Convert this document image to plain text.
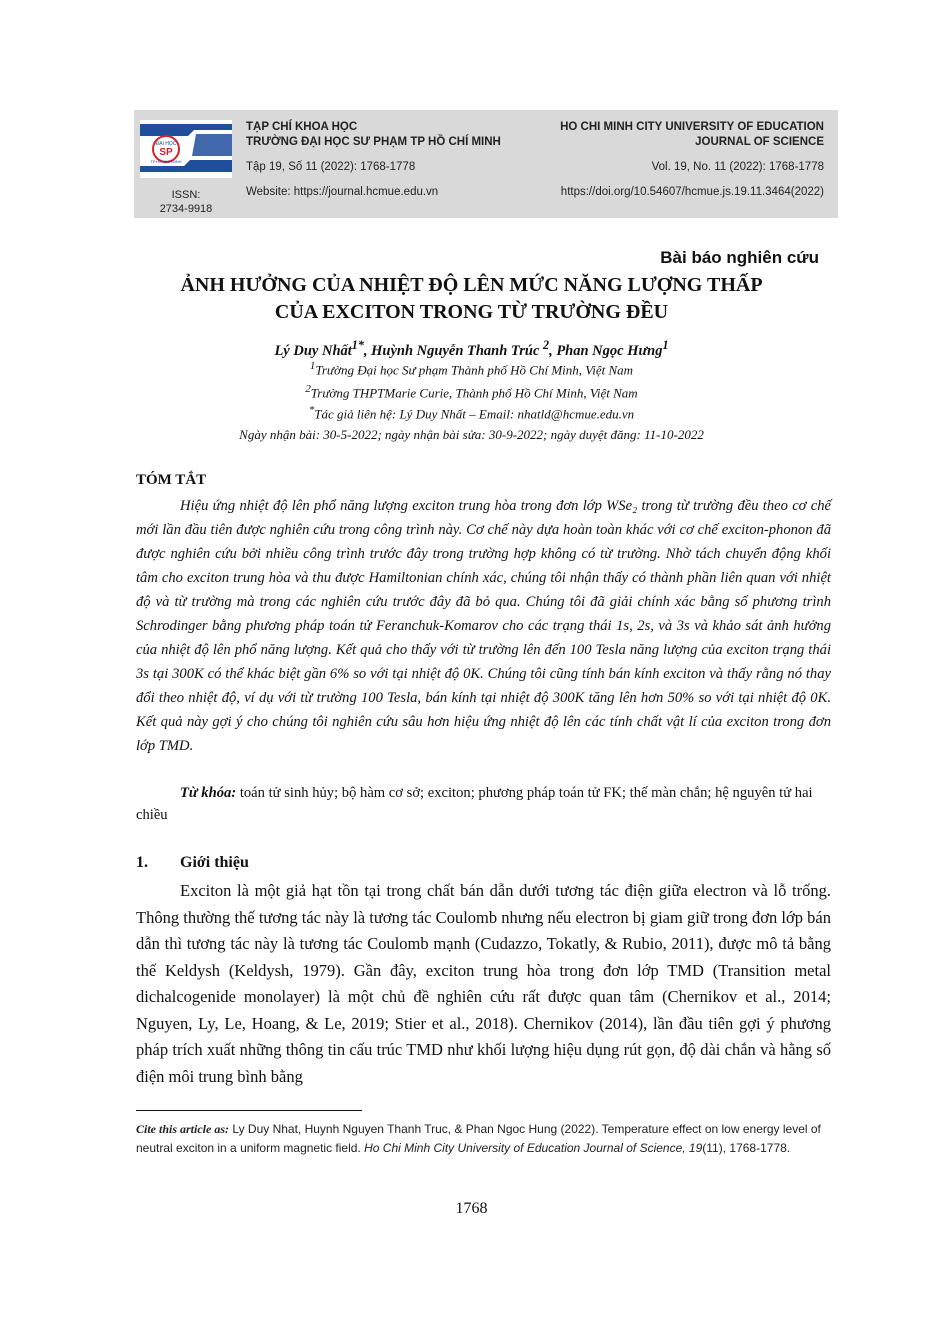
ĐẠI HỌC
SP
TP.HỒ CHÍ MINH
ISSN:
2734-9918
TẠP CHÍ KHOA HỌC
TRƯỜNG ĐẠI HỌC SƯ PHẠM TP HỒ CHÍ MINH
Tập 19, Số 11 (2022): 1768-1778
Website: https://journal.hcmue.edu.vn
HO CHI MINH CITY UNIVERSITY OF EDUCATION
JOURNAL OF SCIENCE
Vol. 19, No. 11 (2022): 1768-1778
https://doi.org/10.54607/hcmue.js.19.11.3464(2022)
Bài báo nghiên cứu
ẢNH HƯỞNG CỦA NHIỆT ĐỘ LÊN MỨC NĂNG LƯỢNG THẤP
CỦA EXCITON TRONG TỪ TRƯỜNG ĐỀU
Lý Duy Nhất$^{1*}$, Huỳnh Nguyễn Thanh Trúc $^2$, Phan Ngọc Hưng$^1$
$^1$Trường Đại học Sư phạm Thành phố Hồ Chí Minh, Việt Nam
$^2$Trường THPTMarie Curie, Thành phố Hồ Chí Minh, Việt Nam
*Tác giả liên hệ: Lý Duy Nhất – Email: nhatld@hcmue.edu.vn
Ngày nhận bài: 30-5-2022; ngày nhận bài sửa: 30-9-2022; ngày duyệt đăng: 11-10-2022
TÓM TẮT

Hiệu ứng nhiệt độ lên phổ năng lượng exciton trung hòa trong đơn lớp WSe₂ trong từ trường đều theo cơ chế mới lần đầu tiên được nghiên cứu trong công trình này. Cơ chế này dựa hoàn toàn khác với cơ chế exciton-phonon đã được nghiên cứu bởi nhiều công trình trước đây trong trường hợp không có từ trường. Nhờ tách chuyển động khối tâm cho exciton trung hòa và thu được Hamiltonian chính xác, chúng tôi nhận thấy có thành phần liên quan với nhiệt độ và từ trường mà trong các nghiên cứu trước đây đã bỏ qua. Chúng tôi đã giải chính xác bằng số phương trình Schrodinger bằng phương pháp toán tử Feranchuk-Komarov cho các trạng thái 1s, 2s, và 3s và khảo sát ảnh hưởng của nhiệt độ lên phổ năng lượng. Kết quả cho thấy với từ trường lên đến 100 Tesla năng lượng của exciton trạng thái 3s tại 300K có thể khác biệt gần 6% so với tại nhiệt độ 0K. Chúng tôi cũng tính bán kính exciton và thấy rằng nó thay đổi theo nhiệt độ, ví dụ với từ trường 100 Tesla, bán kính tại nhiệt độ 300K tăng lên hơn 50% so với tại nhiệt độ 0K. Kết quả này gợi ý cho chúng tôi nghiên cứu sâu hơn hiệu ứng nhiệt độ lên các tính chất vật lí của exciton trong đơn lớp TMD.

Từ khóa: toán tử sinh hủy; bộ hàm cơ sở; exciton; phương pháp toán tử FK; thế màn chắn; hệ nguyên tử hai chiều

1. Giới thiệu

Exciton là một giả hạt tồn tại trong chất bán dẫn dưới tương tác điện giữa electron và lỗ trống. Thông thường thế tương tác này là tương tác Coulomb nhưng nếu electron bị giam giữ trong đơn lớp bán dẫn thì tương tác này là tương tác Coulomb mạnh (Cudazzo, Tokatly, & Rubio, 2011), được mô tả bằng thế Keldysh (Keldysh, 1979). Gần đây, exciton trung hòa trong đơn lớp TMD (Transition metal dichalcogenide monolayer) là một chủ đề nghiên cứu rất được quan tâm (Chernikov et al., 2014; Nguyen, Ly, Le, Hoang, & Le, 2019; Stier et al., 2018). Chernikov (2014), lần đầu tiên gợi ý phương pháp trích xuất những thông tin cấu trúc TMD như khối lượng hiệu dụng rút gọn, độ dài chắn và hằng số điện môi trung bình bằng

Cite this article as: Ly Duy Nhat, Huynh Nguyen Thanh Truc, & Phan Ngoc Hung (2022). Temperature effect on low energy level of neutral exciton in a uniform magnetic field. Ho Chi Minh City University of Education Journal of Science, 19(11), 1768-1778.

1768
